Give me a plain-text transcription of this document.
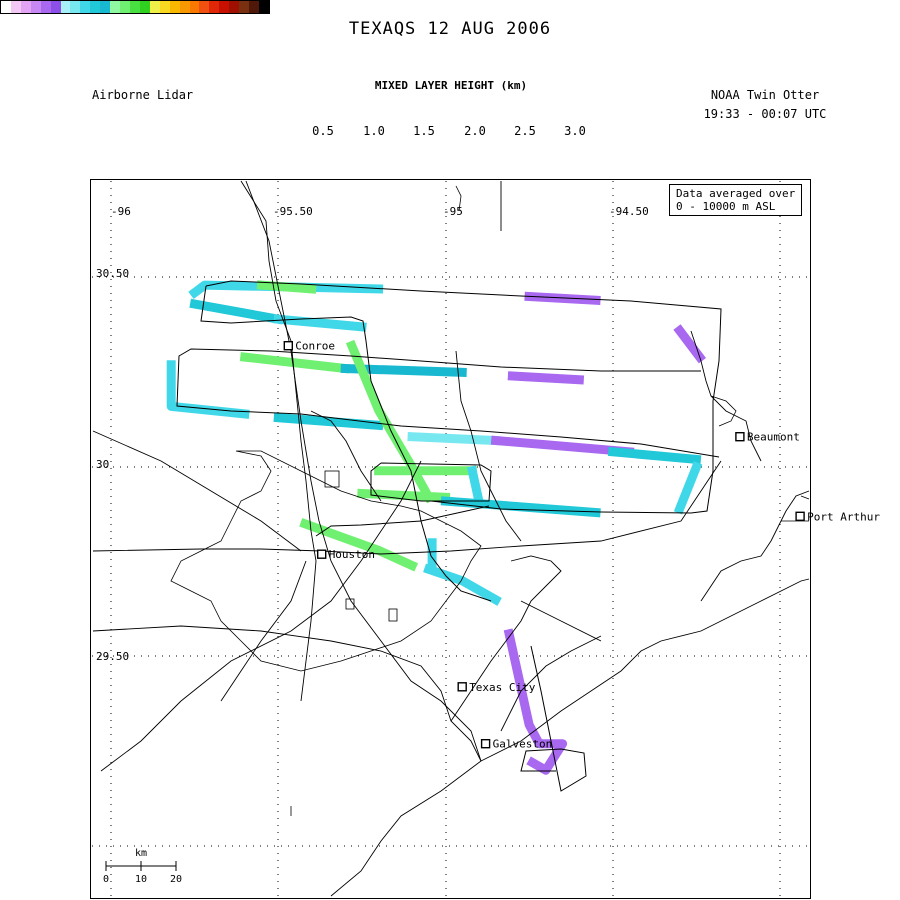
TEXAQS 12 AUG 2006
Airborne Lidar	NOAA Twin Otter
19:33 - 00:07 UTC
MIXED LAYER HEIGHT (km)
0.5	1.0	1.5	2.0	2.5	3.0
Conroe
Beaumont
Port Arthur
Houston
Texas City
Galveston
km
0	10 20
-96	-95.50	-95	-94.50
30.50
30
29.50
Data averaged over
0 - 10000 m ASL
